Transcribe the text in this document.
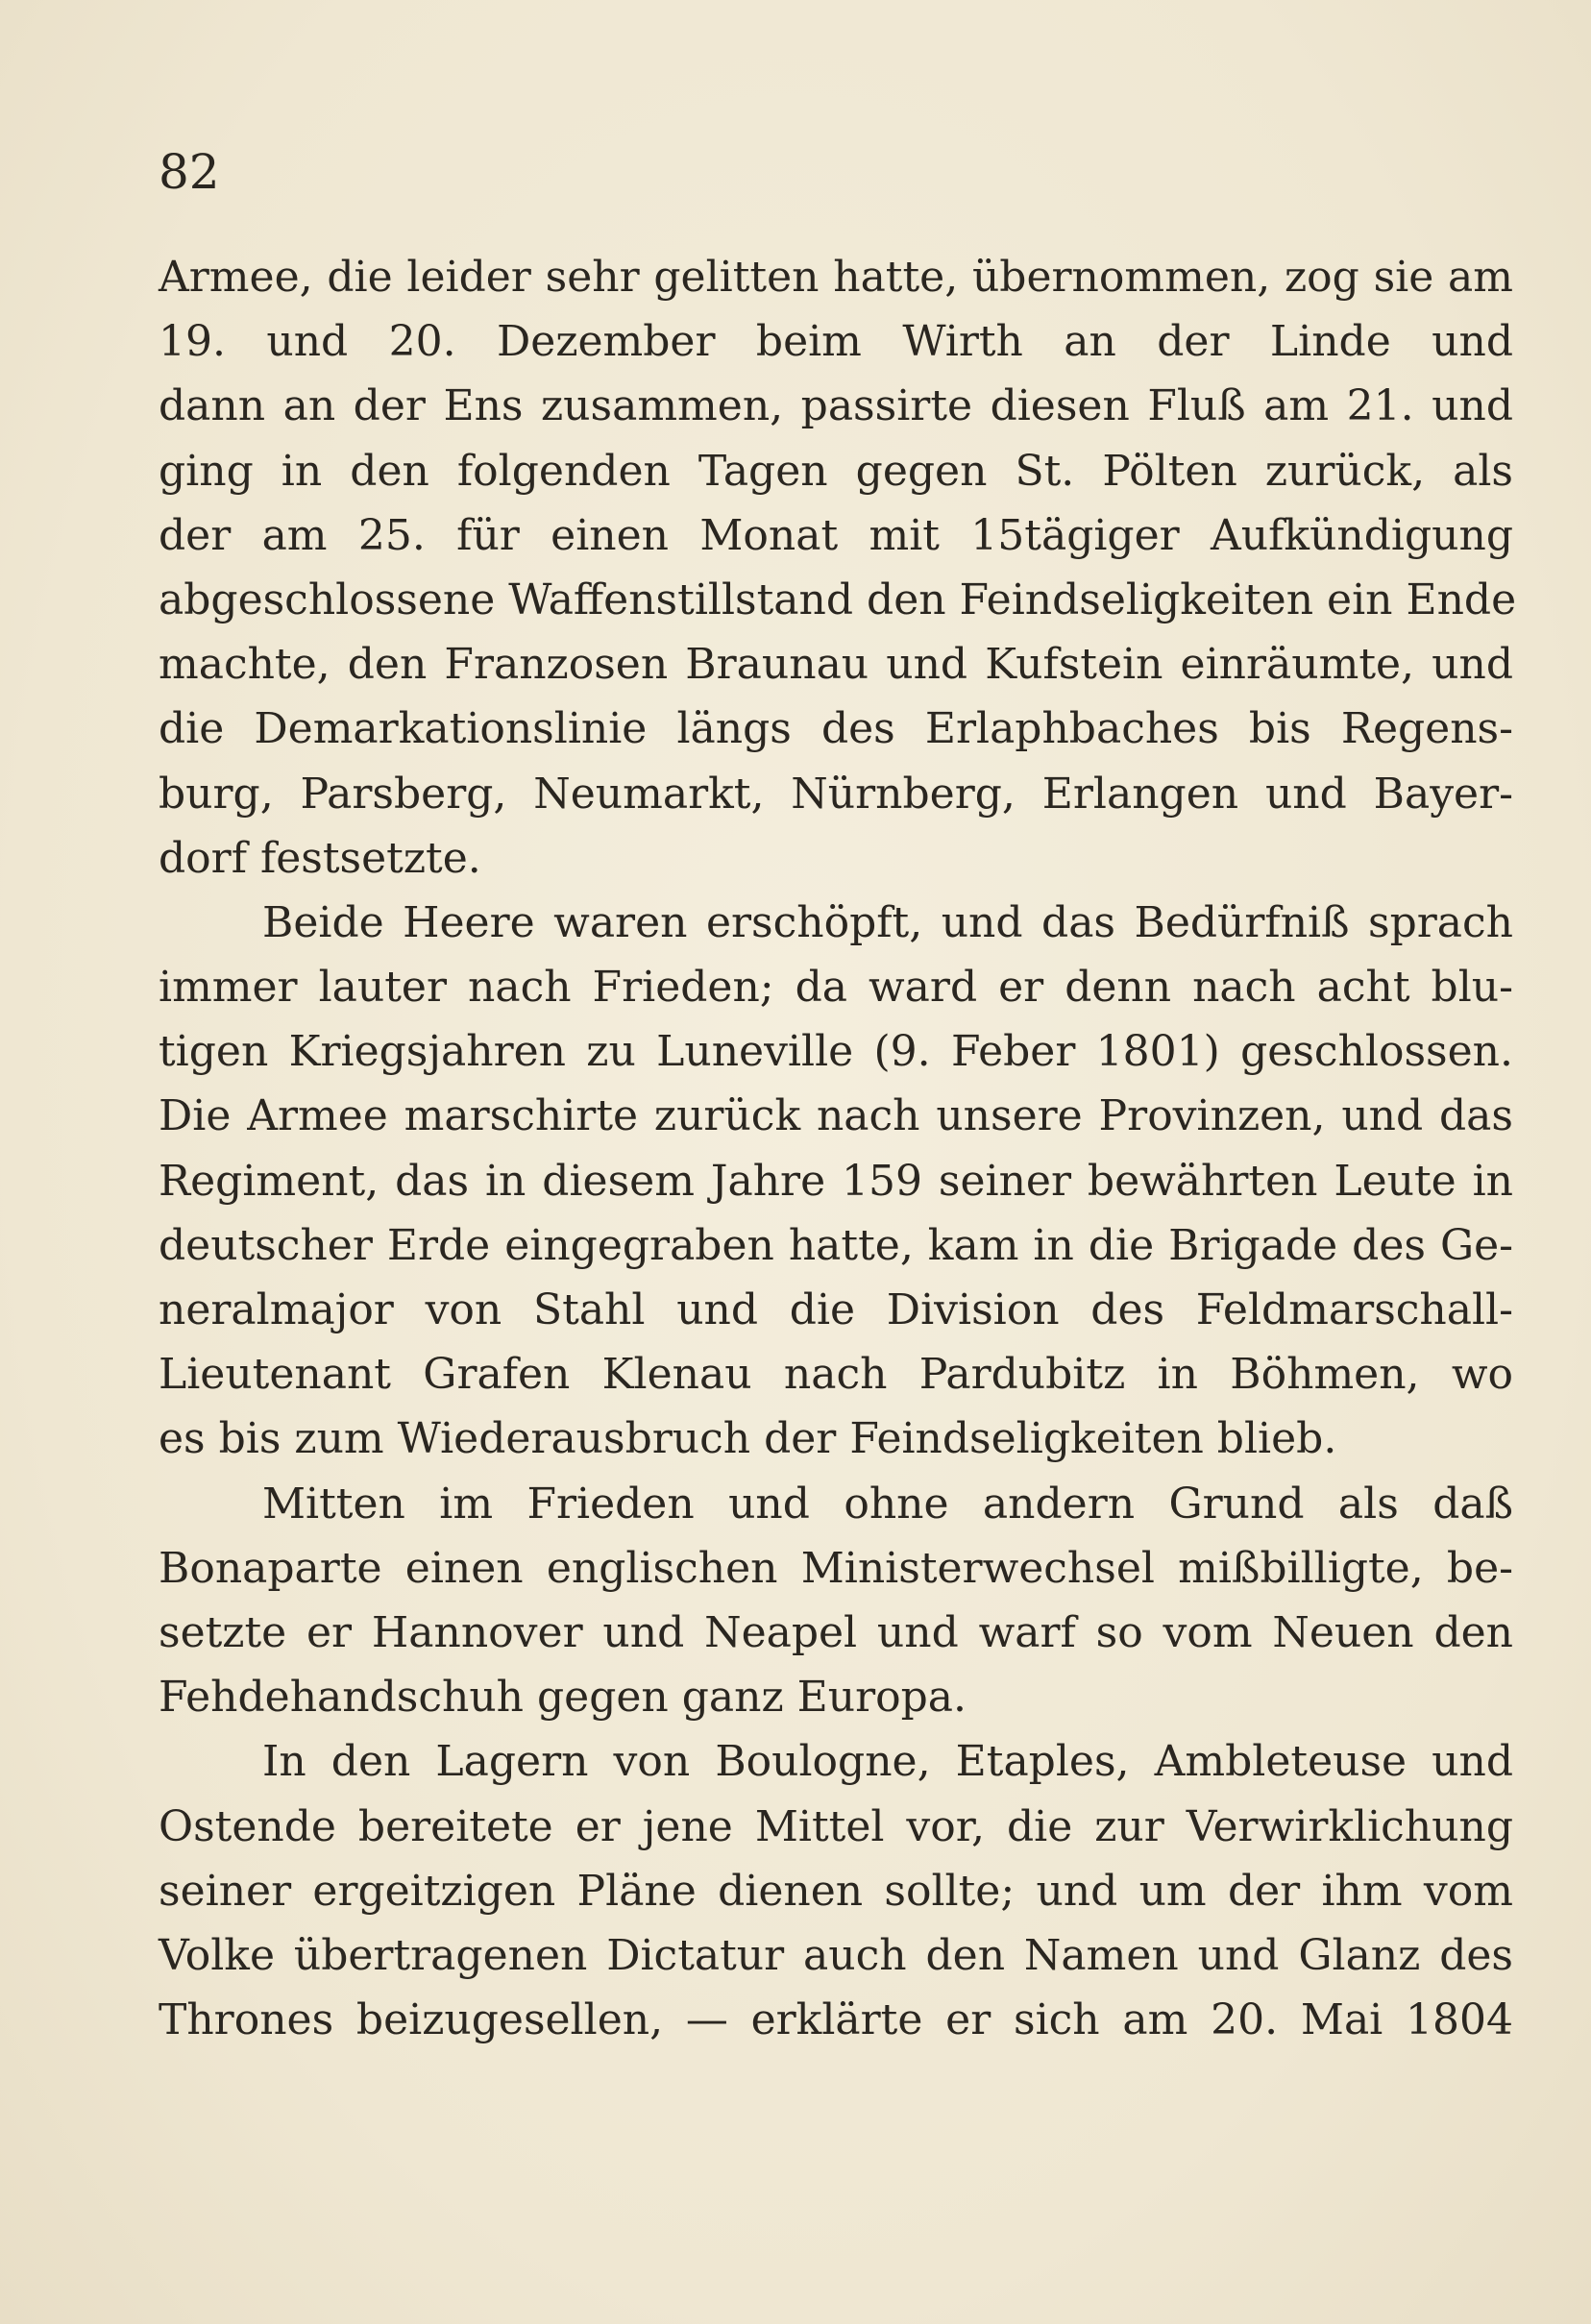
82
Armee, die leider sehr gelitten hatte, übernommen, zog sie am
19. und 20. Dezember beim Wirth an der Linde und
dann an der Ens zusammen, passirte diesen Fluß am 21. und
ging in den folgenden Tagen gegen St. Pölten zurück, als
der am 25. für einen Monat mit 15tägiger Aufkündigung
abgeschlossene Waffenstillstand den Feindseligkeiten ein Ende
machte, den Franzosen Braunau und Kufstein einräumte, und
die Demarkationslinie längs des Erlaphbaches bis Regens-
burg, Parsberg, Neumarkt, Nürnberg, Erlangen und Bayer-
dorf festsetzte.
Beide Heere waren erschöpft, und das Bedürfniß sprach
immer lauter nach Frieden; da ward er denn nach acht blu-
tigen Kriegsjahren zu Luneville (9. Feber 1801) geschlossen.
Die Armee marschirte zurück nach unsere Provinzen, und das
Regiment, das in diesem Jahre 159 seiner bewährten Leute in
deutscher Erde eingegraben hatte, kam in die Brigade des Ge-
neralmajor von Stahl und die Division des Feldmarschall-
Lieutenant Grafen Klenau nach Pardubitz in Böhmen, wo
es bis zum Wiederausbruch der Feindseligkeiten blieb.
Mitten im Frieden und ohne andern Grund als daß
Bonaparte einen englischen Ministerwechsel mißbilligte, be-
setzte er Hannover und Neapel und warf so vom Neuen den
Fehdehandschuh gegen ganz Europa.
In den Lagern von Boulogne, Etaples, Ambleteuse und
Ostende bereitete er jene Mittel vor, die zur Verwirklichung
seiner ergeitzigen Pläne dienen sollte; und um der ihm vom
Volke übertragenen Dictatur auch den Namen und Glanz des
Thrones beizugesellen, — erklärte er sich am 20. Mai 1804
